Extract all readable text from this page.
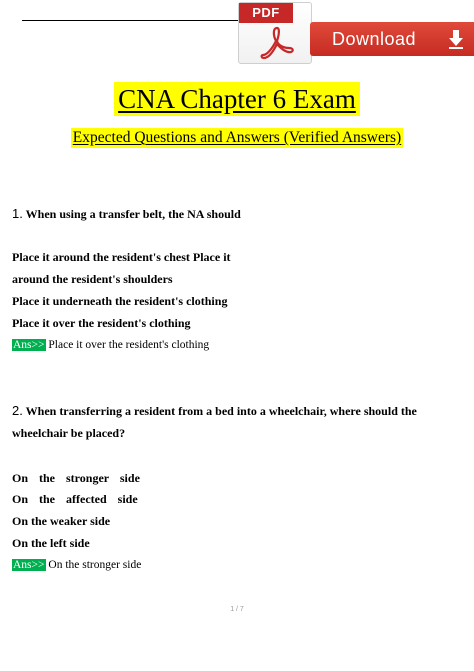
PDF
Download
CNA Chapter 6 Exam
Expected Questions and Answers (Verified Answers)
1. When using a transfer belt, the NA should
Place it around the resident's chest Place it
around the resident's shoulders
Place it underneath the resident's clothing
Place it over the resident's clothing
Ans>> Place it over the resident's clothing
2. When transferring a resident from a bed into a wheelchair, where should the
wheelchair be placed?
On the stronger side
On the affected side
On the weaker side
On the left side
Ans>> On the stronger side
1 / 7
